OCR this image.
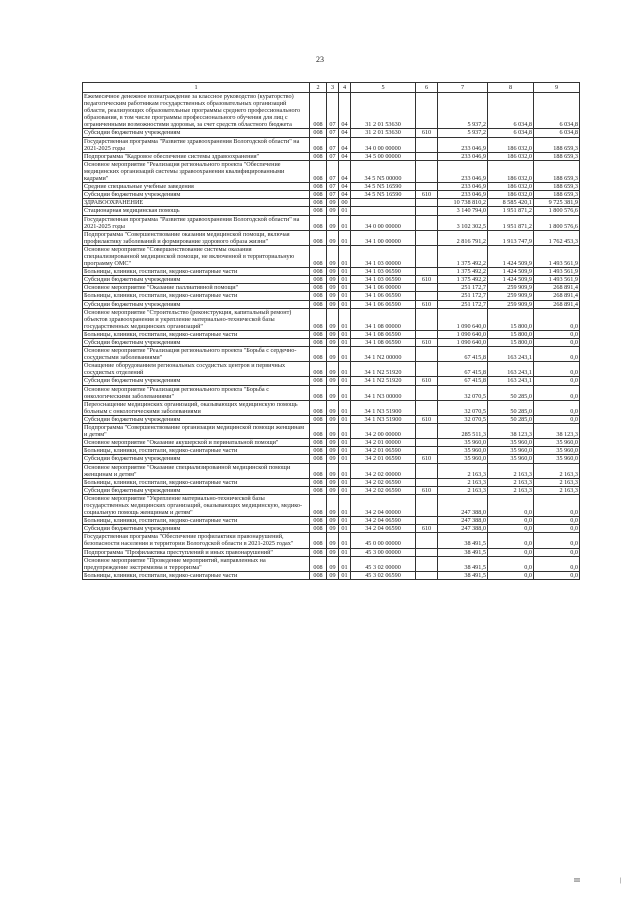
23
1	2	3	4	5	6	7	8	9
Ежемесячное денежное вознаграждение за классное руководство (кураторство) педагогическим работникам государственных образовательных организаций области, реализующих образовательные программы среднего профессионального образования, в том числе программы профессионального обучения для лиц с ограниченными возможностями здоровья, за счет средств областного бюджета	008	07	04	31 2 01 53630		5 937,2	6 034,8	6 034,8
Субсидии бюджетным учреждениям	008	07	04	31 2 01 53630	610	5 937,2	6 034,8	6 034,8
Государственная программа "Развитие здравоохранения Вологодской области" на 2021-2025 годы	008	07	04	34 0 00 00000		233 046,9	186 032,0	188 659,3
Подпрограмма "Кадровое обеспечение системы здравоохранения"	008	07	04	34 5 00 00000		233 046,9	186 032,0	188 659,3
Основное мероприятие "Реализация регионального проекта "Обеспечение медицинских организаций системы здравоохранения квалифицированными кадрами"	008	07	04	34 5 N5 00000		233 046,9	186 032,0	188 659,3
Средние специальные учебные заведения	008	07	04	34 5 N5 16590		233 046,9	186 032,0	188 659,3
Субсидии бюджетным учреждениям	008	07	04	34 5 N5 16590	610	233 046,9	186 032,0	188 659,3
ЗДРАВООХРАНЕНИЕ	008	09	00			10 738 810,2	8 585 420,1	9 725 381,9
Стационарная медицинская помощь	008	09	01			3 140 794,0	1 951 871,2	1 800 576,6
Государственная программа "Развитие здравоохранения Вологодской области" на 2021-2025 годы	008	09	01	34 0 00 00000		3 102 302,5	1 951 871,2	1 800 576,6
Подпрограмма "Совершенствование оказания медицинской помощи, включая профилактику заболеваний и формирование здорового образа жизни"	008	09	01	34 1 00 00000		2 816 791,2	1 913 747,9	1 762 453,3
Основное мероприятие "Совершенствование системы оказания специализированной медицинской помощи, не включенной в территориальную программу ОМС"	008	09	01	34 1 03 00000		1 375 492,2	1 424 509,9	1 493 561,9
Больницы, клиники, госпитали, медико-санитарные части	008	09	01	34 1 03 06590		1 375 492,2	1 424 509,9	1 493 561,9
Субсидии бюджетным учреждениям	008	09	01	34 1 03 06590	610	1 375 492,2	1 424 509,9	1 493 561,9
Основное мероприятие "Оказание паллиативной помощи"	008	09	01	34 1 06 00000		251 172,7	259 909,9	268 891,4
Больницы, клиники, госпитали, медико-санитарные части	008	09	01	34 1 06 06590		251 172,7	259 909,9	268 891,4
Субсидии бюджетным учреждениям	008	09	01	34 1 06 06590	610	251 172,7	259 909,9	268 891,4
Основное мероприятие "Строительство (реконструкция, капитальный ремонт) объектов здравоохранения и укрепление материально-технической базы государственных медицинских организаций"	008	09	01	34 1 08 00000		1 090 640,0	15 800,0	0,0
Больницы, клиники, госпитали, медико-санитарные части	008	09	01	34 1 08 06590		1 090 640,0	15 800,0	0,0
Субсидии бюджетным учреждениям	008	09	01	34 1 08 06590	610	1 090 640,0	15 800,0	0,0
Основное мероприятие "Реализация регионального проекта "Борьба с сердечно-сосудистыми заболеваниями"	008	09	01	34 1 N2 00000		67 415,8	163 243,1	0,0
Оснащение оборудованием региональных сосудистых центров и первичных сосудистых отделений	008	09	01	34 1 N2 51920		67 415,8	163 243,1	0,0
Субсидии бюджетным учреждениям	008	09	01	34 1 N2 51920	610	67 415,8	163 243,1	0,0
Основное мероприятие "Реализация регионального проекта "Борьба с онкологическими заболеваниями"	008	09	01	34 1 N3 00000		32 070,5	50 285,0	0,0
Переоснащение медицинских организаций, оказывающих медицинскую помощь больным с онкологическими заболеваниями	008	09	01	34 1 N3 51900		32 070,5	50 285,0	0,0
Субсидии бюджетным учреждениям	008	09	01	34 1 N3 51900	610	32 070,5	50 285,0	0,0
Подпрограмма "Совершенствование организации медицинской помощи женщинам и детям"	008	09	01	34 2 00 00000		285 511,3	38 123,3	38 123,3
Основное мероприятие "Оказание акушерской и перинатальной помощи"	008	09	01	34 2 01 00000		35 960,0	35 960,0	35 960,0
Больницы, клиники, госпитали, медико-санитарные части	008	09	01	34 2 01 06590		35 960,0	35 960,0	35 960,0
Субсидии бюджетным учреждениям	008	09	01	34 2 01 06590	610	35 960,0	35 960,0	35 960,0
Основное мероприятие "Оказание специализированной медицинской помощи женщинам и детям"	008	09	01	34 2 02 00000		2 163,3	2 163,3	2 163,3
Больницы, клиники, госпитали, медико-санитарные части	008	09	01	34 2 02 06590		2 163,3	2 163,3	2 163,3
Субсидии бюджетным учреждениям	008	09	01	34 2 02 06590	610	2 163,3	2 163,3	2 163,3
Основное мероприятие "Укрепление материально-технической базы государственных медицинских организаций, оказывающих медицинскую, медико-социальную помощь женщинам и детям"	008	09	01	34 2 04 00000		247 388,0	0,0	0,0
Больницы, клиники, госпитали, медико-санитарные части	008	09	01	34 2 04 06590		247 388,0	0,0	0,0
Субсидии бюджетным учреждениям	008	09	01	34 2 04 06590	610	247 388,0	0,0	0,0
Государственная программа "Обеспечение профилактики правонарушений, безопасности населения и территории Вологодской области в 2021-2025 годах"	008	09	01	45 0 00 00000		38 491,5	0,0	0,0
Подпрограмма "Профилактика преступлений и иных правонарушений"	008	09	01	45 3 00 00000		38 491,5	0,0	0,0
Основное мероприятие "Проведение мероприятий, направленных на предупреждение экстремизма и терроризма"	008	09	01	45 3 02 00000		38 491,5	0,0	0,0
Больницы, клиники, госпитали, медико-санитарные части	008	09	01	45 3 02 06590		38 491,5	0,0	0,0
III	|
